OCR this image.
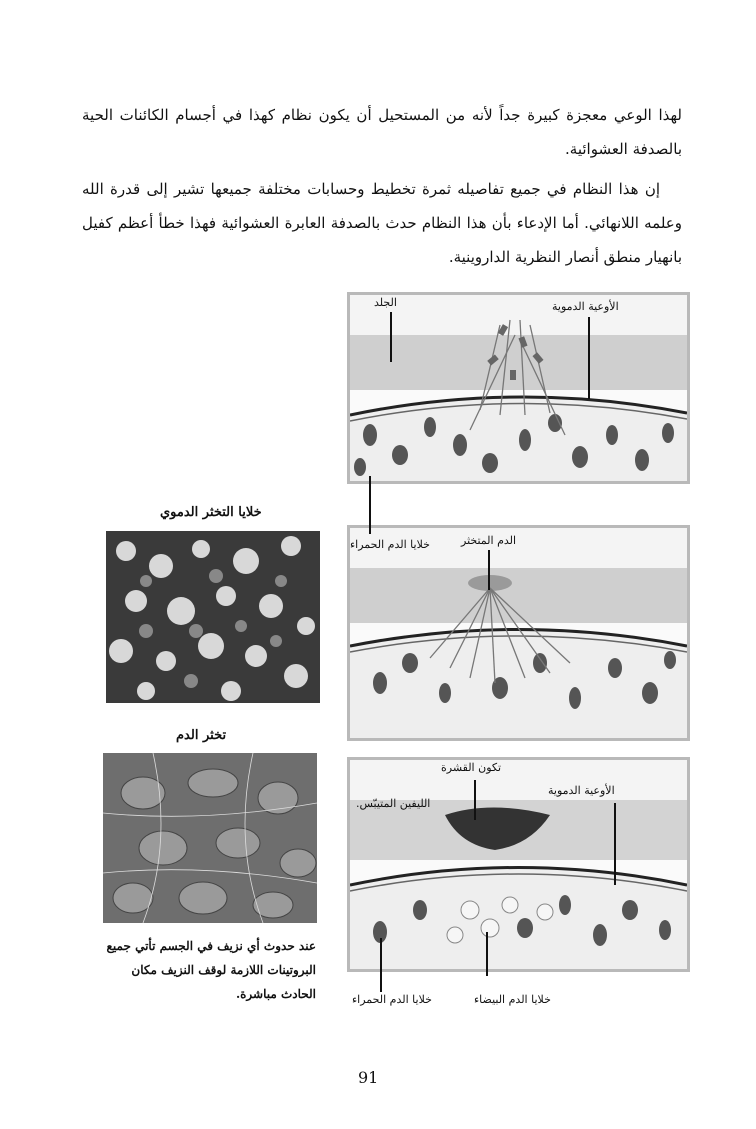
لهذا الوعي معجزة كبيرة جداً لأنه من المستحيل أن يكون نظام كهذا في أجسام الكائنات الحية بالصدفة العشوائية.
إن هذا النظام في جميع تفاصيله ثمرة تخطيط وحسابات مختلفة جميعها تشير إلى قدرة الله وعلمه اللانهائي. أما الإدعاء بأن هذا النظام حدث بالصدفة العابرة العشوائية فهذا خطأ أعظم كفيل بانهيار منطق أنصار النظرية الداروينية.
الجلد	الأوعية الدموية
خلايا الدم الحمراء	الدم المتخثر
تكون القشرة
الليفين المتيبّس.
الأوعية الدموية
خلايا الدم الحمراء	خلايا الدم البيضاء
خلايا التخثر الدموي
تخثر الدم
عند حدوث أي نزيف في الجسم تأتي جميع البروتينات اللازمة لوقف النزيف مكان الحادث مباشرة.
91
